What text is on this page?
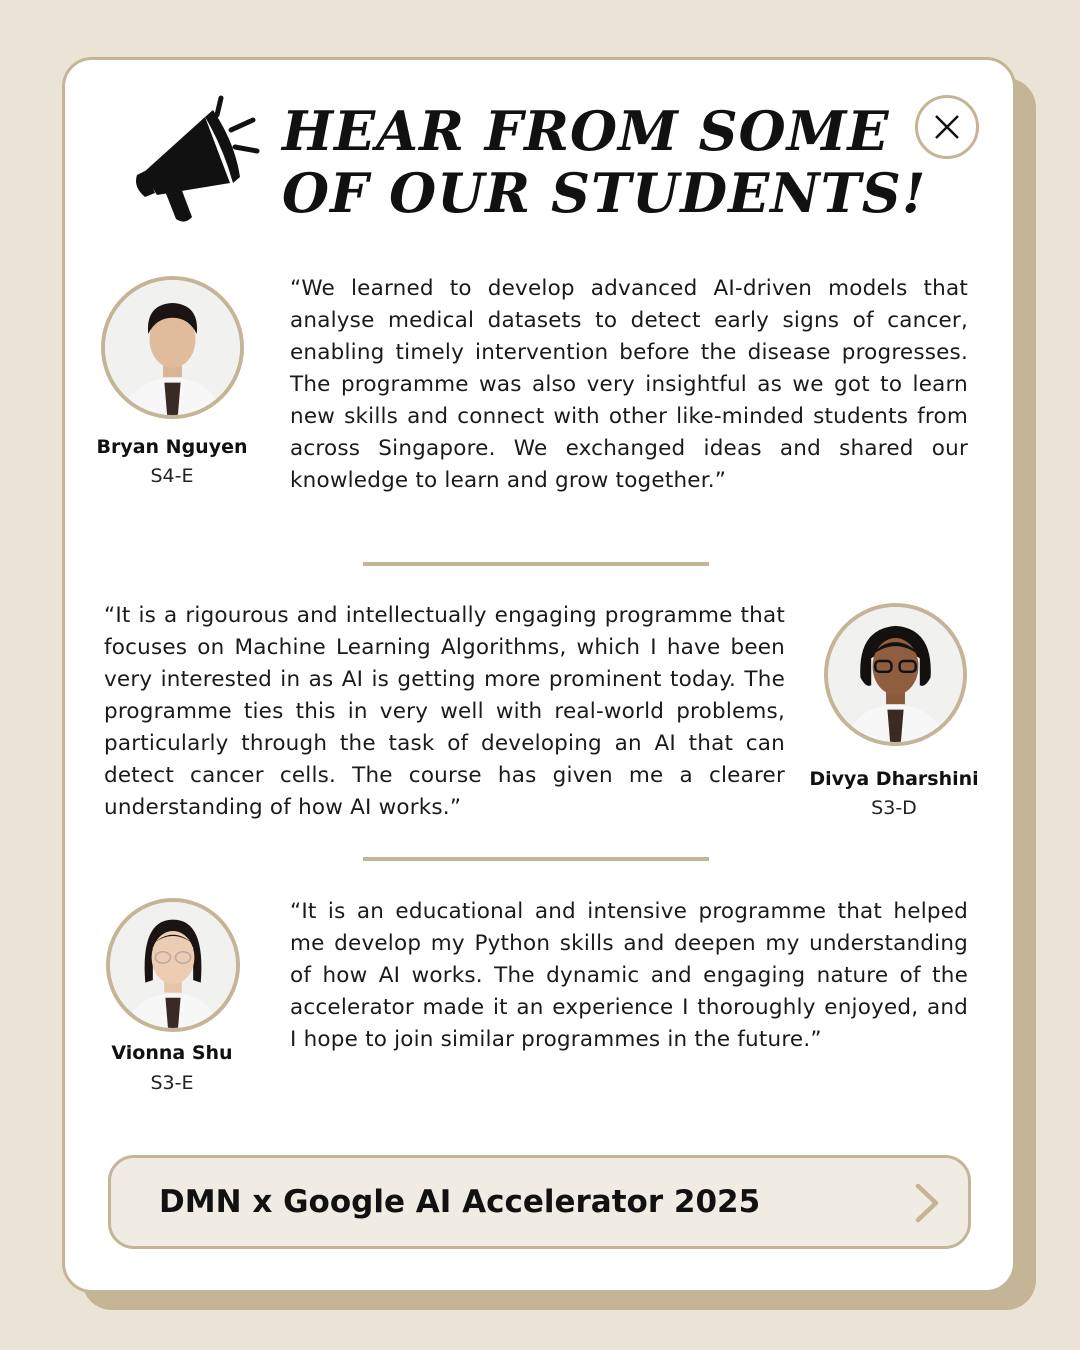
HEAR FROM SOME
OF OUR STUDENTS!

Bryan Nguyen

S4-E

“We learned to develop advanced AI-driven models that analyse medical datasets to detect early signs of cancer, enabling timely intervention before the disease progresses. The programme was also very insightful as we got to learn new skills and connect with other like-minded students from across Singapore. We exchanged ideas and shared our knowledge to learn and grow together.”

“It is a rigourous and intellectually engaging programme that focuses on Machine Learning Algorithms, which I have been very interested in as AI is getting more prominent today. The programme ties this in very well with real-world problems, particularly through the task of developing an AI that can detect cancer cells. The course has given me a clearer understanding of how AI works.”

Divya Dharshini

S3-D

Vionna Shu

S3-E

“It is an educational and intensive programme that helped me develop my Python skills and deepen my understanding of how AI works. The dynamic and engaging nature of the accelerator made it an experience I thoroughly enjoyed, and I hope to join similar programmes in the future.”

DMN x Google AI Accelerator 2025
